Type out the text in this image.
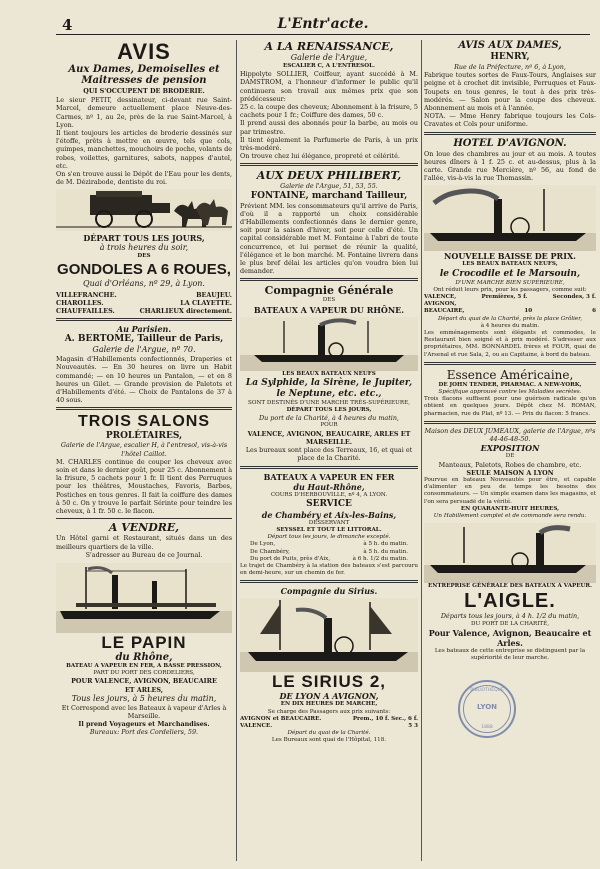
4	L'Entr'acte.
AVIS
Aux Dames, Demoiselles et Maitresses de pension
QUI S'OCCUPENT DE BRODERIE.
Le sieur PETIT, dessinateur, ci-devant rue Saint-Marcel, demeure actuellement place Neuve-des-Carmes, nº 1, au 2e, près de la rue Saint-Marcel, à Lyon.
Il tient toujours les articles de broderie dessinés sur l'étoffe, prêts à mettre en œuvre, tels que cols, guimpes, manchettes, mouchoirs de poche, volants de robes, voilettes, garnitures, sabots, nappes d'autel, etc.
On s'en trouve aussi le Dépôt de l'Eau pour les dents, de M. Dézirabode, dentiste du roi.
DÉPART TOUS LES JOURS,
à trois heures du soir,
DES
GONDOLES A 6 ROUES,
Quai d'Orléans, nº 29, à Lyon.
VILLEFRANCHE.	BEAUJEU.
CHAROLLES.	LA CLAYETTE.
CHAUFFAILLES.	CHARLIEUX directement.
Au Parisien.
A. BERTOME, Tailleur de Paris,
Galerie de l'Argue, nº 70.
Magasin d'Habillements confectionnés, Draperies et Nouveautés. — En 30 heures on livre un Habit commandé; — en 10 heures un Pantalon, — et en 8 heures un Gilet. — Grande provision de Paletots et d'Habillements d'été. — Choix de Pantalons de 37 à 40 sous.
TROIS SALONS
PROLÉTAIRES,
Galerie de l'Argue, escalier H, à l'entresol, vis-à-vis l'hôtel Caillot.
M. CHARLES continue de couper les cheveux avec soin et dans le dernier goût, pour 25 c. Abonnement à la frisure, 5 cachets pour 1 fr. Il tient des Perruques pour les théâtres, Moustaches, Favoris, Barbes, Postiches en tous genres. Il fait la coiffure des dames à 50 c. On y trouve le parfait Sérinte pour teindre les cheveux, à 1 fr. 50 c. le flacon.
A VENDRE,
Un Hôtel garni et Restaurant, situés dans un des meilleurs quartiers de la ville.
S'adresser au Bureau de ce Journal.
LE PAPIN
du Rhône,
BATEAU A VAPEUR EN FER, A BASSE PRESSION,
PART DU PORT DES CORDELIERS,
POUR VALENCE, AVIGNON, BEAUCAIRE
ET ARLES,
Tous les jours, à 5 heures du matin,
Et Correspond avec les Bateaux à vapeur d'Arles à Marseille.
Il prend Voyageurs et Marchandises.
Bureaux: Port des Cordeliers, 59.
A LA RENAISSANCE,
Galerie de l'Argue,
ESCALIER C, A L'ENTRESOL.
Hippolyte SOLLIER, Coiffeur, ayant succédé à M. DAMSTROM, a l'honneur d'informer le public qu'il continuera son travail aux mêmes prix que son prédécesseur:
25 c. la coupe des cheveux; Abonnement à la frisure, 5 cachets pour 1 fr.; Coiffure des dames, 50 c.
Il prend aussi des abonnés pour la barbe, au mois ou par trimestre.
Il tient également la Parfumerie de Paris, à un prix très-modéré.
On trouve chez lui élégance, propreté et célérité.
AUX DEUX PHILIBERT,
Galerie de l'Argue, 51, 53, 55.
FONTAINE, marchand Tailleur,
Prévient MM. les consommateurs qu'il arrive de Paris, d'où il a rapporté un choix considérable d'Habillements confectionnés dans le dernier genre, soit pour la saison d'hiver, soit pour celle d'été. Un capital considérable met M. Fontaine à l'abri de toute concurrence, et lui permet de réunir la qualité, l'élégance et le bon marché. M. Fontaine livrera dans le plus bref délai les articles qu'on voudra bien lui demander.
Compagnie Générale
DES
BATEAUX A VAPEUR DU RHÔNE.
LES BEAUX BATEAUX NEUFS
La Sylphide, la Sirène, le Jupiter, le Neptune, etc. etc.,
SONT DESTINÉS D'UNE MARCHE TRÈS-SUPÉRIEURE,
DÉPART TOUS LES JOURS,
Du port de la Charité, à 4 heures du matin,
POUR
VALENCE, AVIGNON, BEAUCAIRE, ARLES ET MARSEILLE.
Les bureaux sont place des Terreaux, 16, et quai et place de la Charité.
BATEAUX A VAPEUR EN FER
du Haut-Rhône,
COURS D'HERBOUVILLE, nº 4, A LYON.
SERVICE
de Chambéry et Aix-les-Bains,
DESSERVANT
SEYSSEL ET TOUT LE LITTORAL.
Départ tous les jours, le dimanche excepté.
De Lyon,	à 5 h. du matin.
De Chambéry,	à 5 h. du matin.
Du port de Puits, près d'Aix,	à 6 h. 1/2 du matin.
Le trajet de Chambéry à la station des bateaux s'est parcouru en demi-heure, sur un chemin de fer.
Compagnie du Sirius.
LE SIRIUS 2,
DE LYON A AVIGNON,
EN DIX HEURES DE MARCHE,
Se charge des Passagers aux prix suivants:
AVIGNON et BEAUCAIRE.	Prem., 10 f. Sec., 6 f.
VALENCE.	5 3
Départ du quai de la Charité.
Les Bureaux sont quai de l'Hôpital, 118.
AVIS AUX DAMES,
HENRY,
Rue de la Préfecture, nº 6, à Lyon,
Fabrique toutes sortes de Faux-Tours, Anglaises sur peigne et à crochet dit invisible, Perruques et Faux-Toupets en tous genres, le tout à des prix très-modérés. — Salon pour la coupe des cheveux. Abonnement au mois et à l'année.
NOTA. — Mme Henry fabrique toujours les Cols-Cravates et Cols pour uniforme.
HOTEL D'AVIGNON.
On loue des chambres au jour et au mois. A toutes heures dîners à 1 f. 25 c. et au-dessus, plus à la carte. Grande rue Mercière, nº 56, au fond de l'allée, vis-à-vis la rue Thomassin.
NOUVELLE BAISSE DE PRIX.
LES BEAUX BATEAUX NEUFS,
le Crocodile et le Marsouin,
D'UNE MARCHE BIEN SUPÉRIEURE,
Ont réduit leurs prix, pour les passagers, comme suit:
VALENCE,	Premières, 5 f.	Secondes, 3 f.
AVIGNON,
BEAUCAIRE,	10	6
Départ du quai de la Charité, près la place Grôlier,
à 4 heures du matin.
Les emménagements sont élégants et commodes, le Restaurant bien soigné et à prix modéré. S'adresser aux propriétaires, MM. BONNARDEL frères et FOUR, quai de l'Arsenal et rue Sala, 2, ou au Capitaine, à bord du bateau.
Essence Américaine,
DE JOHN TENDER, PHARMAC. A NEW-YORK,
Spécifique approuvé contre les Maladies secrètes.
Trois flacons suffisent pour une guérison radicale qu'on obtient en quelques jours. Dépôt chez M. ROMAN, pharmacien, rue du Plat, nº 13. — Prix du flacon: 5 francs.
Maison des DEUX JUMEAUX, galerie de l'Argue, nºs 44-46-48-50.
EXPOSITION
DE
Manteaux, Paletots, Robes de chambre, etc.
SEULE MAISON A LYON
Pourvue en bateaux Nouveautés pour être, et capable d'alimenter en peu de temps les besoins des consommateurs. — Un simple examen dans les magasins, et l'on sera persuadé de la vérité.
EN QUARANTE-HUIT HEURES,
Un Habillement complet et de commande sera rendu.
ENTREPRISE GÉNÉRALE DES BATEAUX A VAPEUR.
L'AIGLE.
Départs tous les jours, à 4 h. 1/2 du matin,
DU PORT DE LA CHARITÉ,
Pour Valence, Avignon, Beaucaire et Arles.
Les bateaux de cette entreprise se distinguent par la supériorité de leur marche.
BIBLIOTHÈQUE
LYON
1888
